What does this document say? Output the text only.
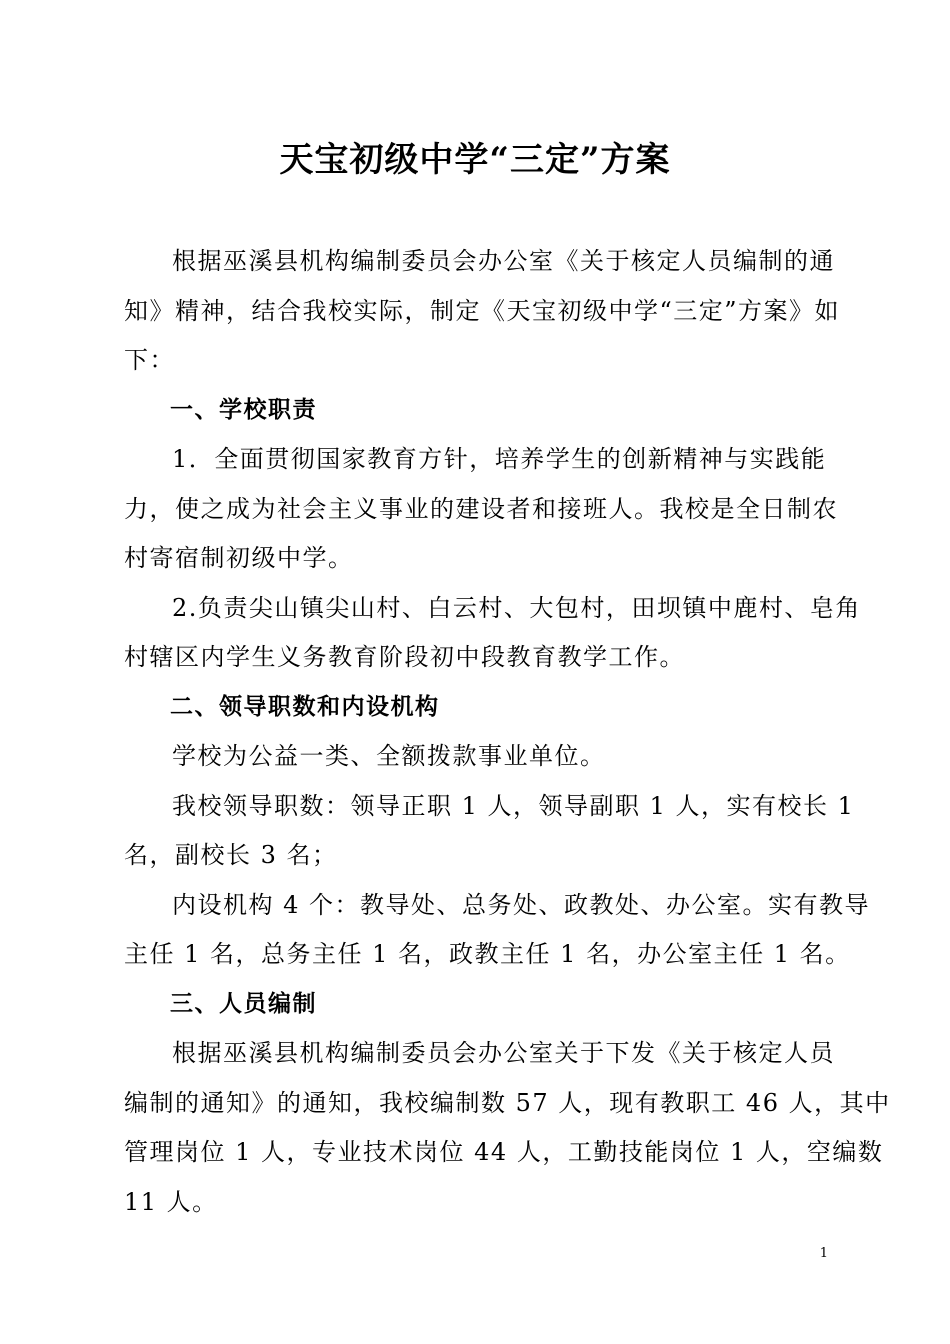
天宝初级中学“三定”方案

根据巫溪县机构编制委员会办公室《关于核定人员编制的通
知》精神，结合我校实际，制定《天宝初级中学“三定”方案》如
下：

一、学校职责

1．全面贯彻国家教育方针，培养学生的创新精神与实践能
力，使之成为社会主义事业的建设者和接班人。我校是全日制农
村寄宿制初级中学。

2.负责尖山镇尖山村、白云村、大包村，田坝镇中鹿村、皂角
村辖区内学生义务教育阶段初中段教育教学工作。

二、领导职数和内设机构

学校为公益一类、全额拨款事业单位。

我校领导职数：领导正职 1 人，领导副职 1 人，实有校长 1
名，副校长 3 名；

内设机构 4 个：教导处、总务处、政教处、办公室。实有教导
主任 1 名，总务主任 1 名，政教主任 1 名，办公室主任 1 名。

三、人员编制

根据巫溪县机构编制委员会办公室关于下发《关于核定人员
编制的通知》的通知，我校编制数 57 人，现有教职工 46 人，其中
管理岗位 1 人，专业技术岗位 44 人，工勤技能岗位 1 人，空编数
11 人。

1
